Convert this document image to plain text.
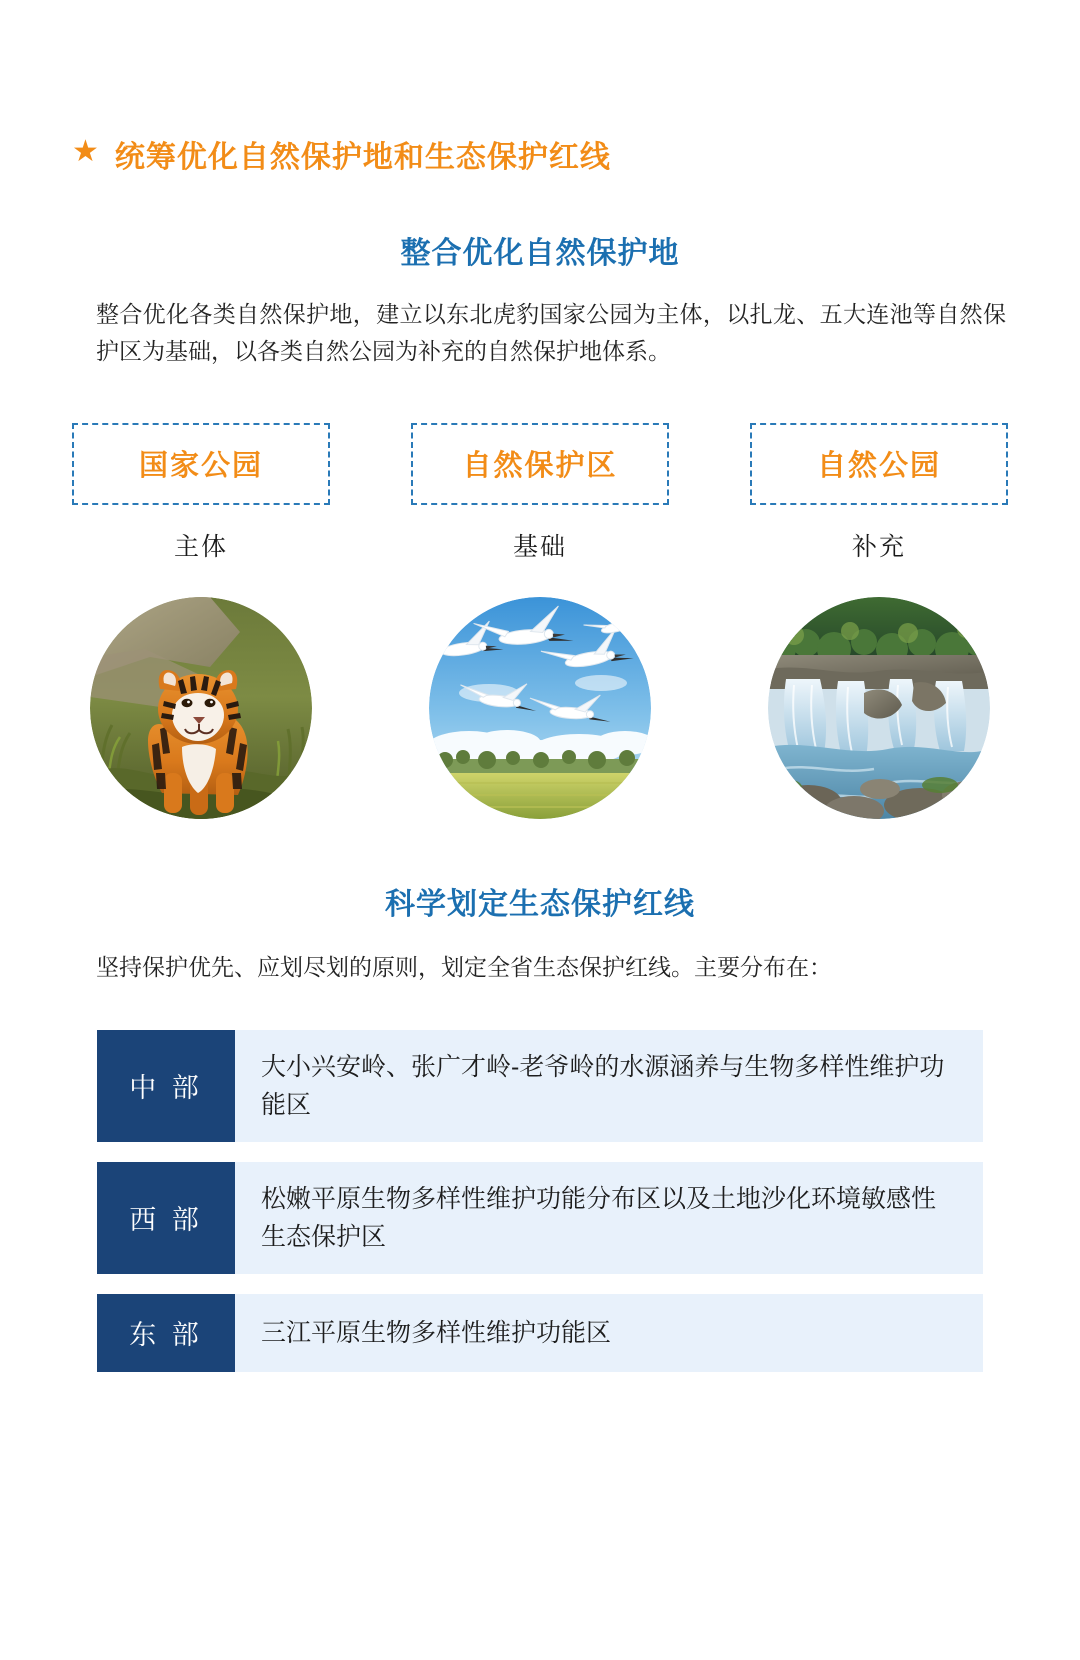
★ 统筹优化自然保护地和生态保护红线
整合优化自然保护地
整合优化各类自然保护地，建立以东北虎豹国家公园为主体，以扎龙、五大连池等自然保护区为基础，以各类自然公园为补充的自然保护地体系。
国家公园
主体
自然保护区
基础
自然公园
补充
科学划定生态保护红线
坚持保护优先、应划尽划的原则，划定全省生态保护红线。主要分布在：
中 部
大小兴安岭、张广才岭-老爷岭的水源涵养与生物多样性维护功能区
西 部
松嫩平原生物多样性维护功能分布区以及土地沙化环境敏感性生态保护区
东 部	三江平原生物多样性维护功能区
